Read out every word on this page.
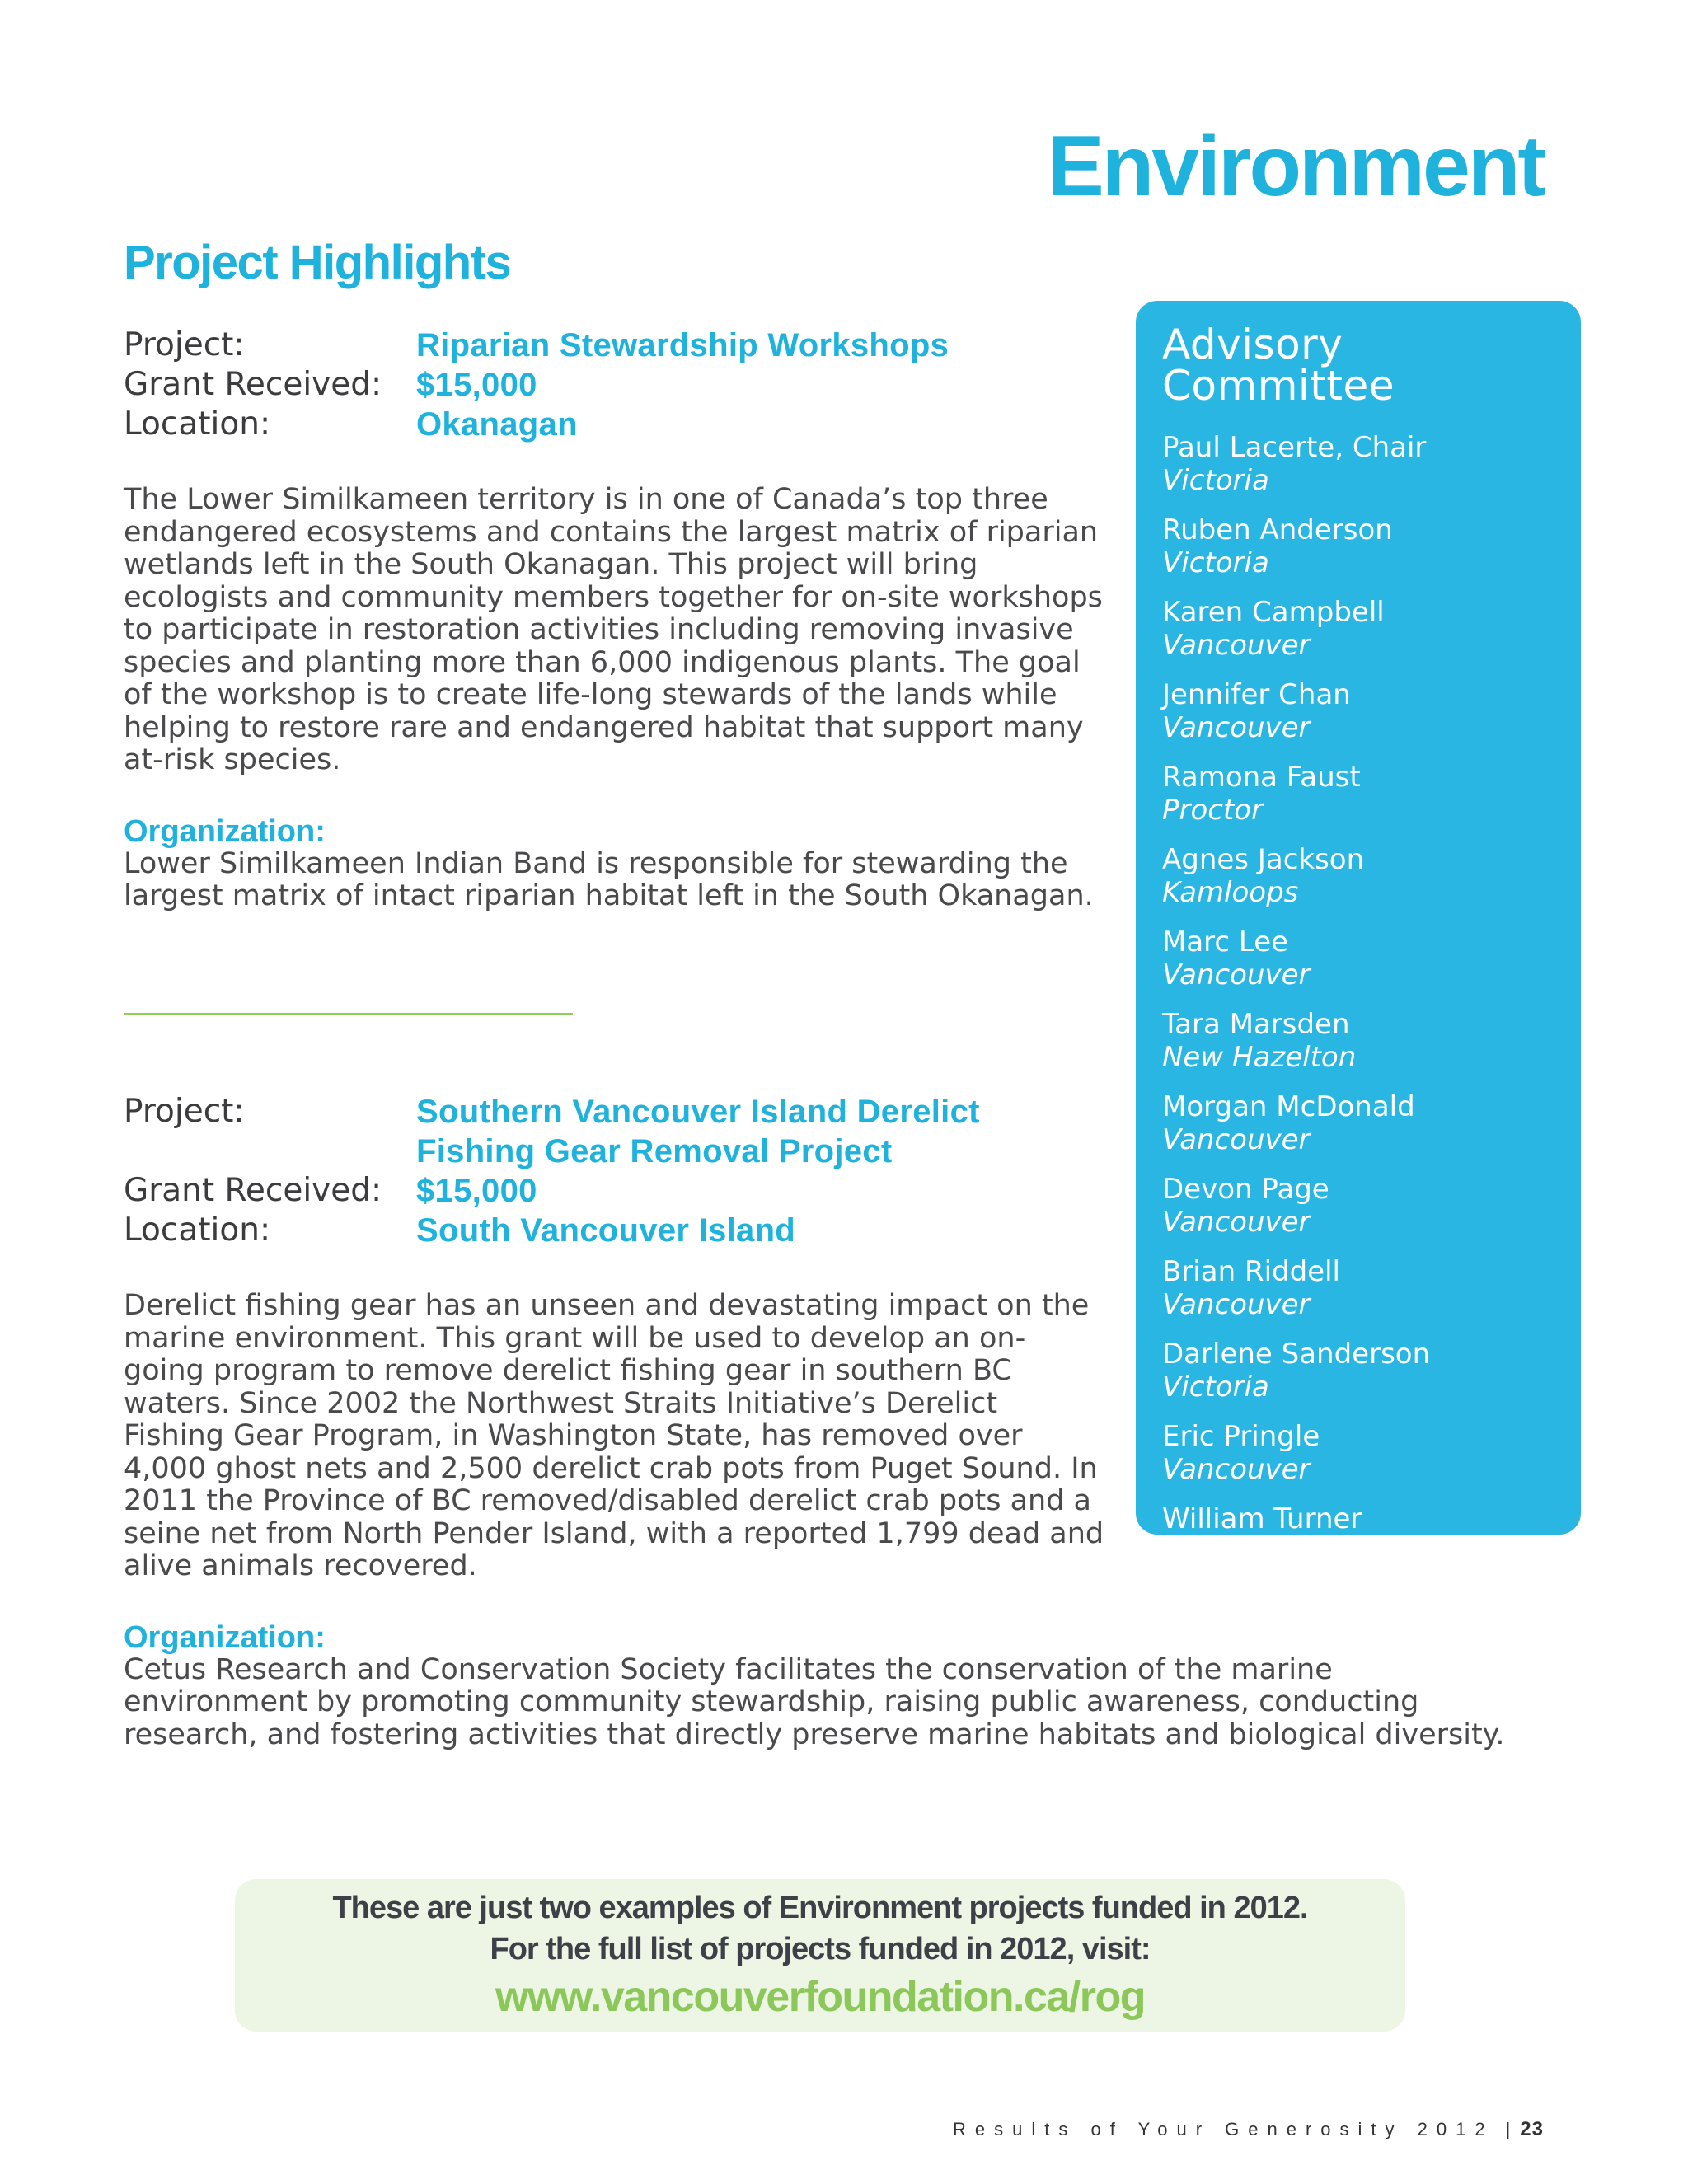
Environment
Project Highlights
Project:	Riparian Stewardship Workshops
Grant Received:	$15,000
Location:	Okanagan
The Lower Similkameen territory is in one of Canada’s top three endangered ecosystems and contains the largest matrix of riparian wetlands left in the South Okanagan. This project will bring ecologists and community members together for on-site workshops to participate in restoration activities including removing invasive species and planting more than 6,000 indigenous plants. The goal of the workshop is to create life-long stewards of the lands while helping to restore rare and endangered habitat that support many at-risk species.
Organization:
Lower Similkameen Indian Band is responsible for stewarding the largest matrix of intact riparian habitat left in the South Okanagan.
Project:	Southern Vancouver Island Derelict
Fishing Gear Removal Project
Grant Received:	$15,000
Location:	South Vancouver Island
Derelict fishing gear has an unseen and devastating impact on the marine environment. This grant will be used to develop an on-going program to remove derelict fishing gear in southern BC waters. Since 2002 the Northwest Straits Initiative’s Derelict Fishing Gear Program, in Washington State, has removed over 4,000 ghost nets and 2,500 derelict crab pots from Puget Sound. In 2011 the Province of BC removed/disabled derelict crab pots and a seine net from North Pender Island, with a reported 1,799 dead and alive animals recovered.
Organization:
Cetus Research and Conservation Society facilitates the conservation of the marine environment by promoting community stewardship, raising public awareness, conducting research, and fostering activities that directly preserve marine habitats and biological diversity.
Advisory Committee
Paul Lacerte, Chair
Victoria
Ruben Anderson
Victoria
Karen Campbell
Vancouver
Jennifer Chan
Vancouver
Ramona Faust
Proctor
Agnes Jackson
Kamloops
Marc Lee
Vancouver
Tara Marsden
New Hazelton
Morgan McDonald
Vancouver
Devon Page
Vancouver
Brian Riddell
Vancouver
Darlene Sanderson
Victoria
Eric Pringle
Vancouver
William Turner
Victoria
These are just two examples of Environment projects funded in 2012.
For the full list of projects funded in 2012, visit:
www.vancouverfoundation.ca/rog
Results of Your Generosity 2012 | 23
